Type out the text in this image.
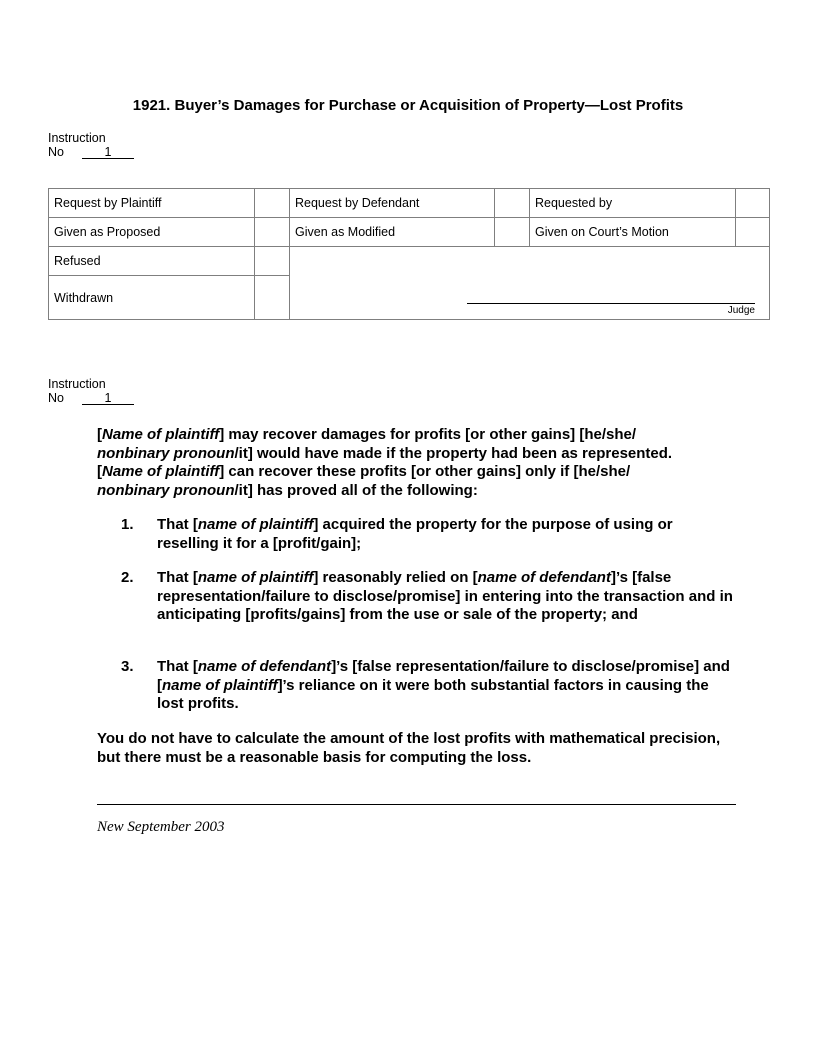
1921. Buyer’s Damages for Purchase or Acquisition of Property—Lost Profits
Instruction
No	1
Request by Plaintiff		Request by Defendant		Requested by	
Given as Proposed		Given as Modified		Given on Court’s Motion	
Refused		Judge			

Withdrawn					
Instruction
No	1

[Name of plaintiff] may recover damages for profits [or other gains] [he/she/
nonbinary pronoun/it] would have made if the property had been as represented.
[Name of plaintiff] can recover these profits [or other gains] only if [he/she/
nonbinary pronoun/it] has proved all of the following:

1. That [name of plaintiff] acquired the property for the purpose of using or reselling it for a [profit/gain];
2. That [name of plaintiff] reasonably relied on [name of defendant]’s [false representation/failure to disclose/promise] in entering into the transaction and in anticipating [profits/gains] from the use or sale of the property; and
3. That [name of defendant]’s [false representation/failure to disclose/promise] and [name of plaintiff]’s reliance on it were both substantial factors in causing the lost profits.
You do not have to calculate the amount of the lost profits with mathematical precision, but there must be a reasonable basis for computing the loss.
New September 2003
